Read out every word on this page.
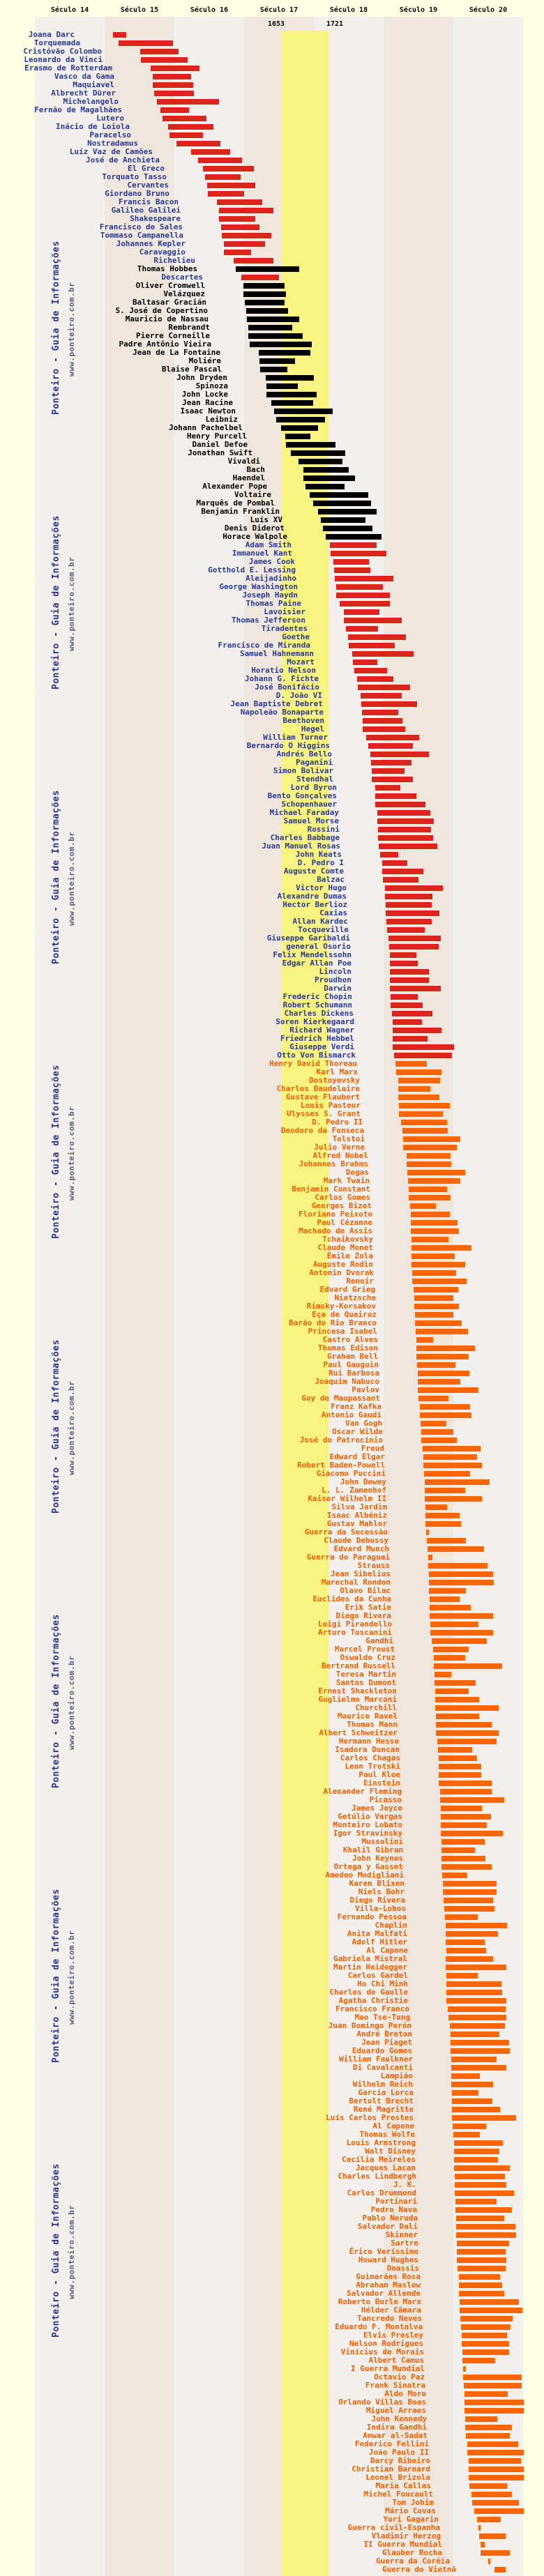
Século 14	Século 15	Século 16	Século 17	Século 18	Século 19	Século 20
1653	1721
Ponteiro - Guia de Informações www.ponteiro.com.br
Ponteiro - Guia de Informações www.ponteiro.com.br
Ponteiro - Guia de Informações www.ponteiro.com.br
Ponteiro - Guia de Informações www.ponteiro.com.br
Ponteiro - Guia de Informações www.ponteiro.com.br
Ponteiro - Guia de Informações www.ponteiro.com.br
Ponteiro - Guia de Informações www.ponteiro.com.br
Ponteiro - Guia de Informações www.ponteiro.com.br
Joana Darc
Torquemada
Cristóvão Colombo
Leonardo da Vinci
Erasmo de Rotterdam
Vasco da Gama
Maquiavel
Albrecht Dürer
Michelangelo
Fernão de Magalhães
Lutero
Inácio de Loiola
Paracelso
Nostradamus
Luíz Vaz de Camões
José de Anchieta
El Greco
Torquato Tasso
Cervantes
Giordano Bruno
Francis Bacon
Galileo Galilei
Shakespeare
Francisco de Sales
Tommaso Campanella
Johannes Kepler
Caravaggio
Richelieu
Thomas Hobbes
Descartes
Oliver Cromwell
Velázquez
Baltasar Gracián
S. José de Copertino
Mauricio de Nassau
Rembrandt
Pierre Corneille
Padre Antônio Vieira
Jean de La Fontaine
Moliére
Blaise Pascal
John Dryden
Spinoza
John Locke
Jean Racine
Isaac Newton
Leibniz
Johann Pachelbel
Henry Purcell
Daniel Defoe
Jonathan Swift
Vivaldi
Bach
Haendel
Alexander Pope
Voltaire
Marquês de Pombal
Benjamin Franklin
Luís XV
Denis Diderot
Horace Walpole
Adam Smith
Immanuel Kant
James Cook
Gotthold E. Lessing
Aleijadinho
George Washington
Joseph Haydn
Thomas Paine
Lavoisier
Thomas Jefferson
Tiradentes
Goethe
Francisco de Miranda
Samuel Hahnemann
Mozart
Horatio Nelson
Johann G. Fichte
José Bonifácio
D. João VI
Jean Baptiste Debret
Napoleão Bonaparte
Beethoven
Hegel
William Turner
Bernardo O Higgins
Andrés Bello
Paganini
Simon Bolívar
Stendhal
Lord Byron
Bento Gonçalves
Schopenhauer
Michael Faraday
Samuel Morse
Rossini
Charles Babbage
Juan Manuel Rosas
John Keats
D. Pedro I
Auguste Comte
Balzac
Victor Hugo
Alexandre Dumas
Hector Berlioz
Caxias
Allan Kardec
Tocqueville
Giuseppe Garibaldi
general Osorio
Felix Mendelssohn
Edgar Allan Poe
Lincoln
Proudhon
Darwin
Frederic Chopin
Robert Schumann
Charles Dickens
Soren Kierkegaard
Richard Wagner
Friedrich Hebbel
Giuseppe Verdi
Otto Von Bismarck
Henry David Thoreau
Karl Marx
Dostoyevsky
Charles Baudelaire
Gustave Flaubert
Louis Pasteur
Ulysses S. Grant
D. Pedro II
Deodoro da Fonseca
Tolstoi
Julio Verne
Alfred Nobel
Johannes Brahms
Degas
Mark Twain
Benjamin Constant
Carlos Gomes
Georges Bizet
Floriano Peixoto
Paul Cézanne
Machado de Assis
Tchaikovsky
Claude Monet
Émile Zola
Auguste Rodin
Antonin Dvorak
Renoir
Edvard Grieg
Nietzsche
Rimsky-Korsakov
Eça de Queiroz
Barão do Rio Branco
Princesa Isabel
Castro Alves
Thomas Edison
Graham Bell
Paul Gauguin
Rui Barbosa
Joaquim Nabuco
Pavlov
Guy de Maupassant
Franz Kafka
Antonio Gaudí
Van Gogh
Oscar Wilde
José do Patrocínio
Freud
Edward Elgar
Robert Baden-Powell
Giacomo Puccini
John Dewey
L. L. Zamenhof
Kaiser Wilhelm II
Silva Jardim
Isaac Albéniz
Gustav Mahler
Guerra da Secessão
Claude Debussy
Edvard Munch
Guerra do Paraguai
Strauss
Jean Sibelius
Marechal Rondon
Olavo Bilac
Euclides da Cunha
Erik Satie
Diego Rivera
Luigi Pirandello
Arturo Toscanini
Gandhi
Marcel Proust
Oswaldo Cruz
Bertrand Russell
Teresa Martin
Santos Dumont
Ernest Shackleton
Guglielmo Marconi
Churchill
Maurice Ravel
Thomas Mann
Albert Schweitzer
Hermann Hesse
Isadora Duncan
Carlos Chagas
Leon Trotski
Paul Klee
Einstein
Alexander Fleming
Picasso
James Joyce
Getúlio Vargas
Monteiro Lobato
Igor Stravinsky
Mussolini
Khalil Gibran
John Keynes
Ortega y Gasset
Amedeo Modigliani
Karen Blixen
Niels Bohr
Diego Rivera
Villa-Lobos
Fernando Pessoa
Chaplin
Anita Malfati
Adolf Hitler
Al Capone
Gabriela Mistral
Martin Heidegger
Carlos Gardel
Ho Chi Minh
Charles de Gaulle
Agatha Christie
Francisco Franco
Mao Tse-Tung
Juan Domingo Perón
André Breton
Jean Piaget
Eduardo Gomes
William Faulkner
Di Cavalcanti
Lampião
Wilhelm Reich
García Lorca
Bertolt Brecht
René Magritte
Luís Carlos Prestes
Al Capone
Thomas Wolfe
Louis Armstrong
Walt Disney
Cecília Meireles
Jacques Lacan
Charles Lindbergh
J. K.
Carlos Drummond
Portinari
Pedro Nava
Pablo Neruda
Salvador Dali
Skinner
Sartre
Érico Veríssimo
Howard Hughes
Onassis
Guimarães Rosa
Abraham Maslow
Salvador Allende
Roberto Burle Marx
Hélder Câmara
Tancredo Neves
Eduardo F. Montalva
Elvis Presley
Nelson Rodrigues
Vinícius de Morais
Albert Camus
I Guerra Mundial
Octavio Paz
Frank Sinatra
Aldo Moro
Orlando Villas Boas
Miguel Arraes
John Kennedy
Indira Gandhi
Anwar al-Sadat
Federico Fellini
João Paulo II
Darcy Ribeiro
Christian Barnard
Leonel Brizola
Maria Callas
Michel Foucault
Tom Jobim
Mário Covas
Yuri Gagarin
Guerra civil-Espanha
Vladimir Herzog
II Guerra Mundial
Glauber Rocha
Guerra da Coréia
Guerra do Vietnã
